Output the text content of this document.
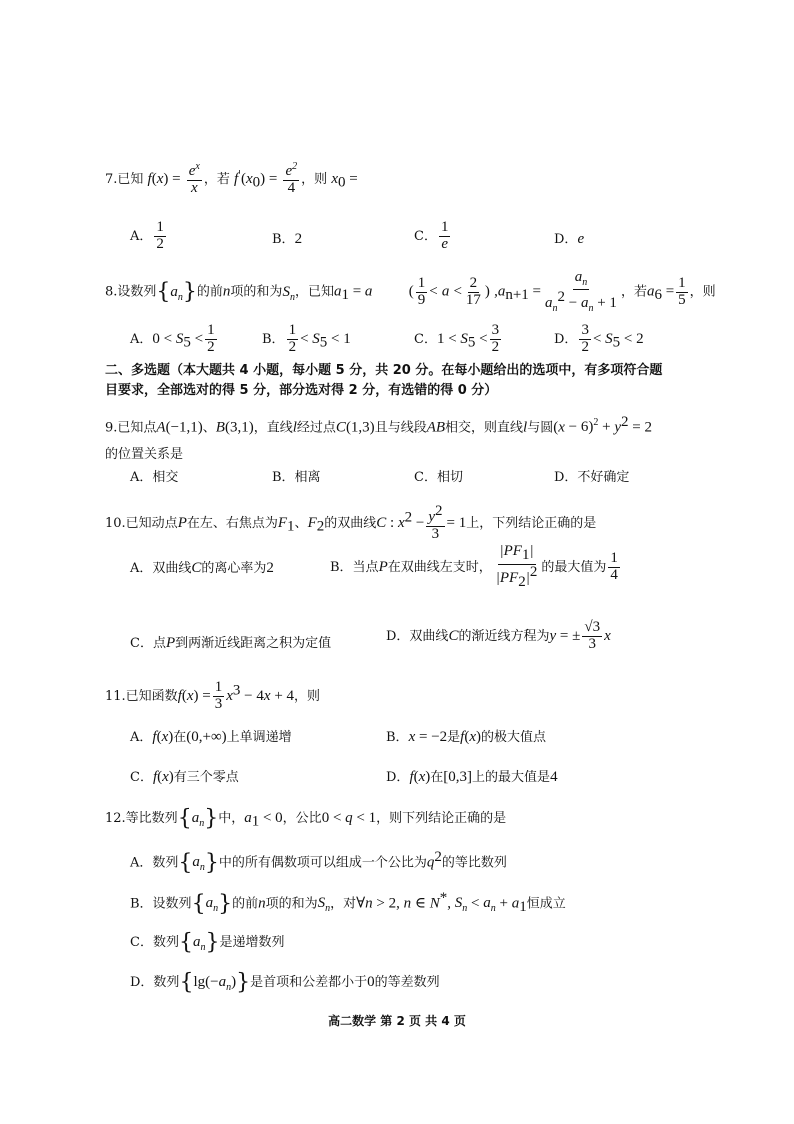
7.已知 $f(x) = \frac{e^x}{x}$ ，若 $f'(x_0) = \frac{e^2}{4}$ ，则 $x_0$ =
A． $\frac{1}{2}$	B．2	C． $\frac{1}{e}$	D．e
8.设数列$\{a_n\}$的前n项的和为$S_n$，已知$a_1 = a$ ( $\frac{1}{9} < a < \frac{2}{17}$ ) $,a_{n+1} = \frac{a_n}{a_n^2 - a_n + 1}$ ，若$a_6 = \frac{1}{5}$ ，则
A．$0 < S_5 < \frac{1}{2}$	B． $\frac{1}{2} < S_5 < 1$	C．$1 < S_5 < \frac{3}{2}$	D． $\frac{3}{2} < S_5 < 2$
二、多选题（本大题共 4 小题，每小题 5 分，共 20 分。在每小题给出的选项中，有多项符合题
目要求，全部选对的得 5 分，部分选对得 2 分，有选错的得 0 分）
9.已知点A(−1,1)、B(3,1)，直线l经过点C(1,3)且与线段AB相交，则直线l与圆$(x - 6)^2 + y^2 = 2$
的位置关系是
A．相交	B．相离	C．相切	D．不好确定
10.已知动点P在左、右焦点为$F_1$、$F_2$的双曲线C : $x^2 - \frac{y^2}{3} = 1$上，下列结论正确的是
A．双曲线C的离心率为2	B．当点P在双曲线左支时， $\frac{|PF_1|}{|PF_2|^2}$ 的最大值为 $\frac{1}{4}$
C．点P到两渐近线距离之积为定值	D．双曲线C的渐近线方程为y = ± $\frac{√3}{3}$ x
11.已知函数$f(x) = \frac{1}{3} x^3 - 4x + 4$，则
A．f(x)在(0,+∞)上单调递增	B．x = −2是f(x)的极大值点
C．f(x)有三个零点	D．f(x)在[0,3]上的最大值是4
12.等比数列$\{a_n\}$中，$a_1 < 0$，公比0 < q < 1，则下列结论正确的是
A．数列$\{a_n\}$中的所有偶数项可以组成一个公比为$q^2$的等比数列
B．设数列$\{a_n\}$的前n项的和为$S_n$，对∀n > 2, n ∈ N*, $S_n < a_n + a_1$恒成立
C．数列$\{a_n\}$是递增数列
D．数列$\{\lg(-a_n)\}$是首项和公差都小于0的等差数列
高二数学 第 2 页 共 4 页
